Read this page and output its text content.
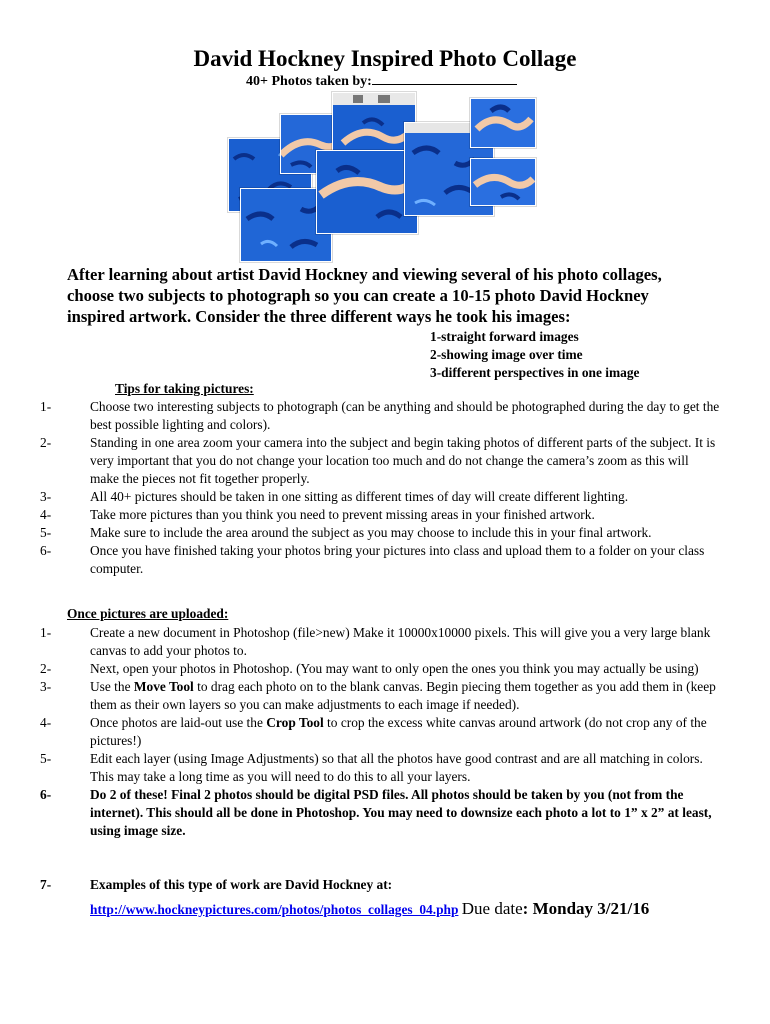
David Hockney Inspired Photo Collage
40+ Photos taken by:
After learning about artist David Hockney and viewing several of his photo collages, choose two subjects to photograph so you can create a 10-15 photo David Hockney inspired artwork. Consider the three different ways he took his images:
1-straight forward images
2-showing image over time
3-different perspectives in one image
Tips for taking pictures:
1-	Choose two interesting subjects to photograph (can be anything and should be photographed during the day to get the best possible lighting and colors).
2-	Standing in one area zoom your camera into the subject and begin taking photos of different parts of the subject. It is very important that you do not change your location too much and do not change the camera’s zoom as this will make the pieces not fit together properly.
3-	All 40+ pictures should be taken in one sitting as different times of day will create different lighting.
4-	Take more pictures than you think you need to prevent missing areas in your finished artwork.
5-	Make sure to include the area around the subject as you may choose to include this in your final artwork.
6-	Once you have finished taking your photos bring your pictures into class and upload them to a folder on your class computer.
Once pictures are uploaded:
1-	Create a new document in Photoshop (file>new) Make it 10000x10000 pixels. This will give you a very large blank canvas to add your photos to.
2-	Next, open your photos in Photoshop. (You may want to only open the ones you think you may actually be using)
3-	Use the Move Tool to drag each photo on to the blank canvas. Begin piecing them together as you add them in (keep them as their own layers so you can make adjustments to each image if needed).
4-	Once photos are laid-out use the Crop Tool to crop the excess white canvas around artwork (do not crop any of the pictures!)
5-	Edit each layer (using Image Adjustments) so that all the photos have good contrast and are all matching in colors. This may take a long time as you will need to do this to all your layers.
6-	Do 2 of these! Final 2 photos should be digital PSD files. All photos should be taken by you (not from the internet). This should all be done in Photoshop. You may need to downsize each photo a lot to 1” x 2” at least, using image size.
7-	Examples of this type of work are David Hockney at:
http://www.hockneypictures.com/photos/photos_collages_04.php Due date: Monday 3/21/16
